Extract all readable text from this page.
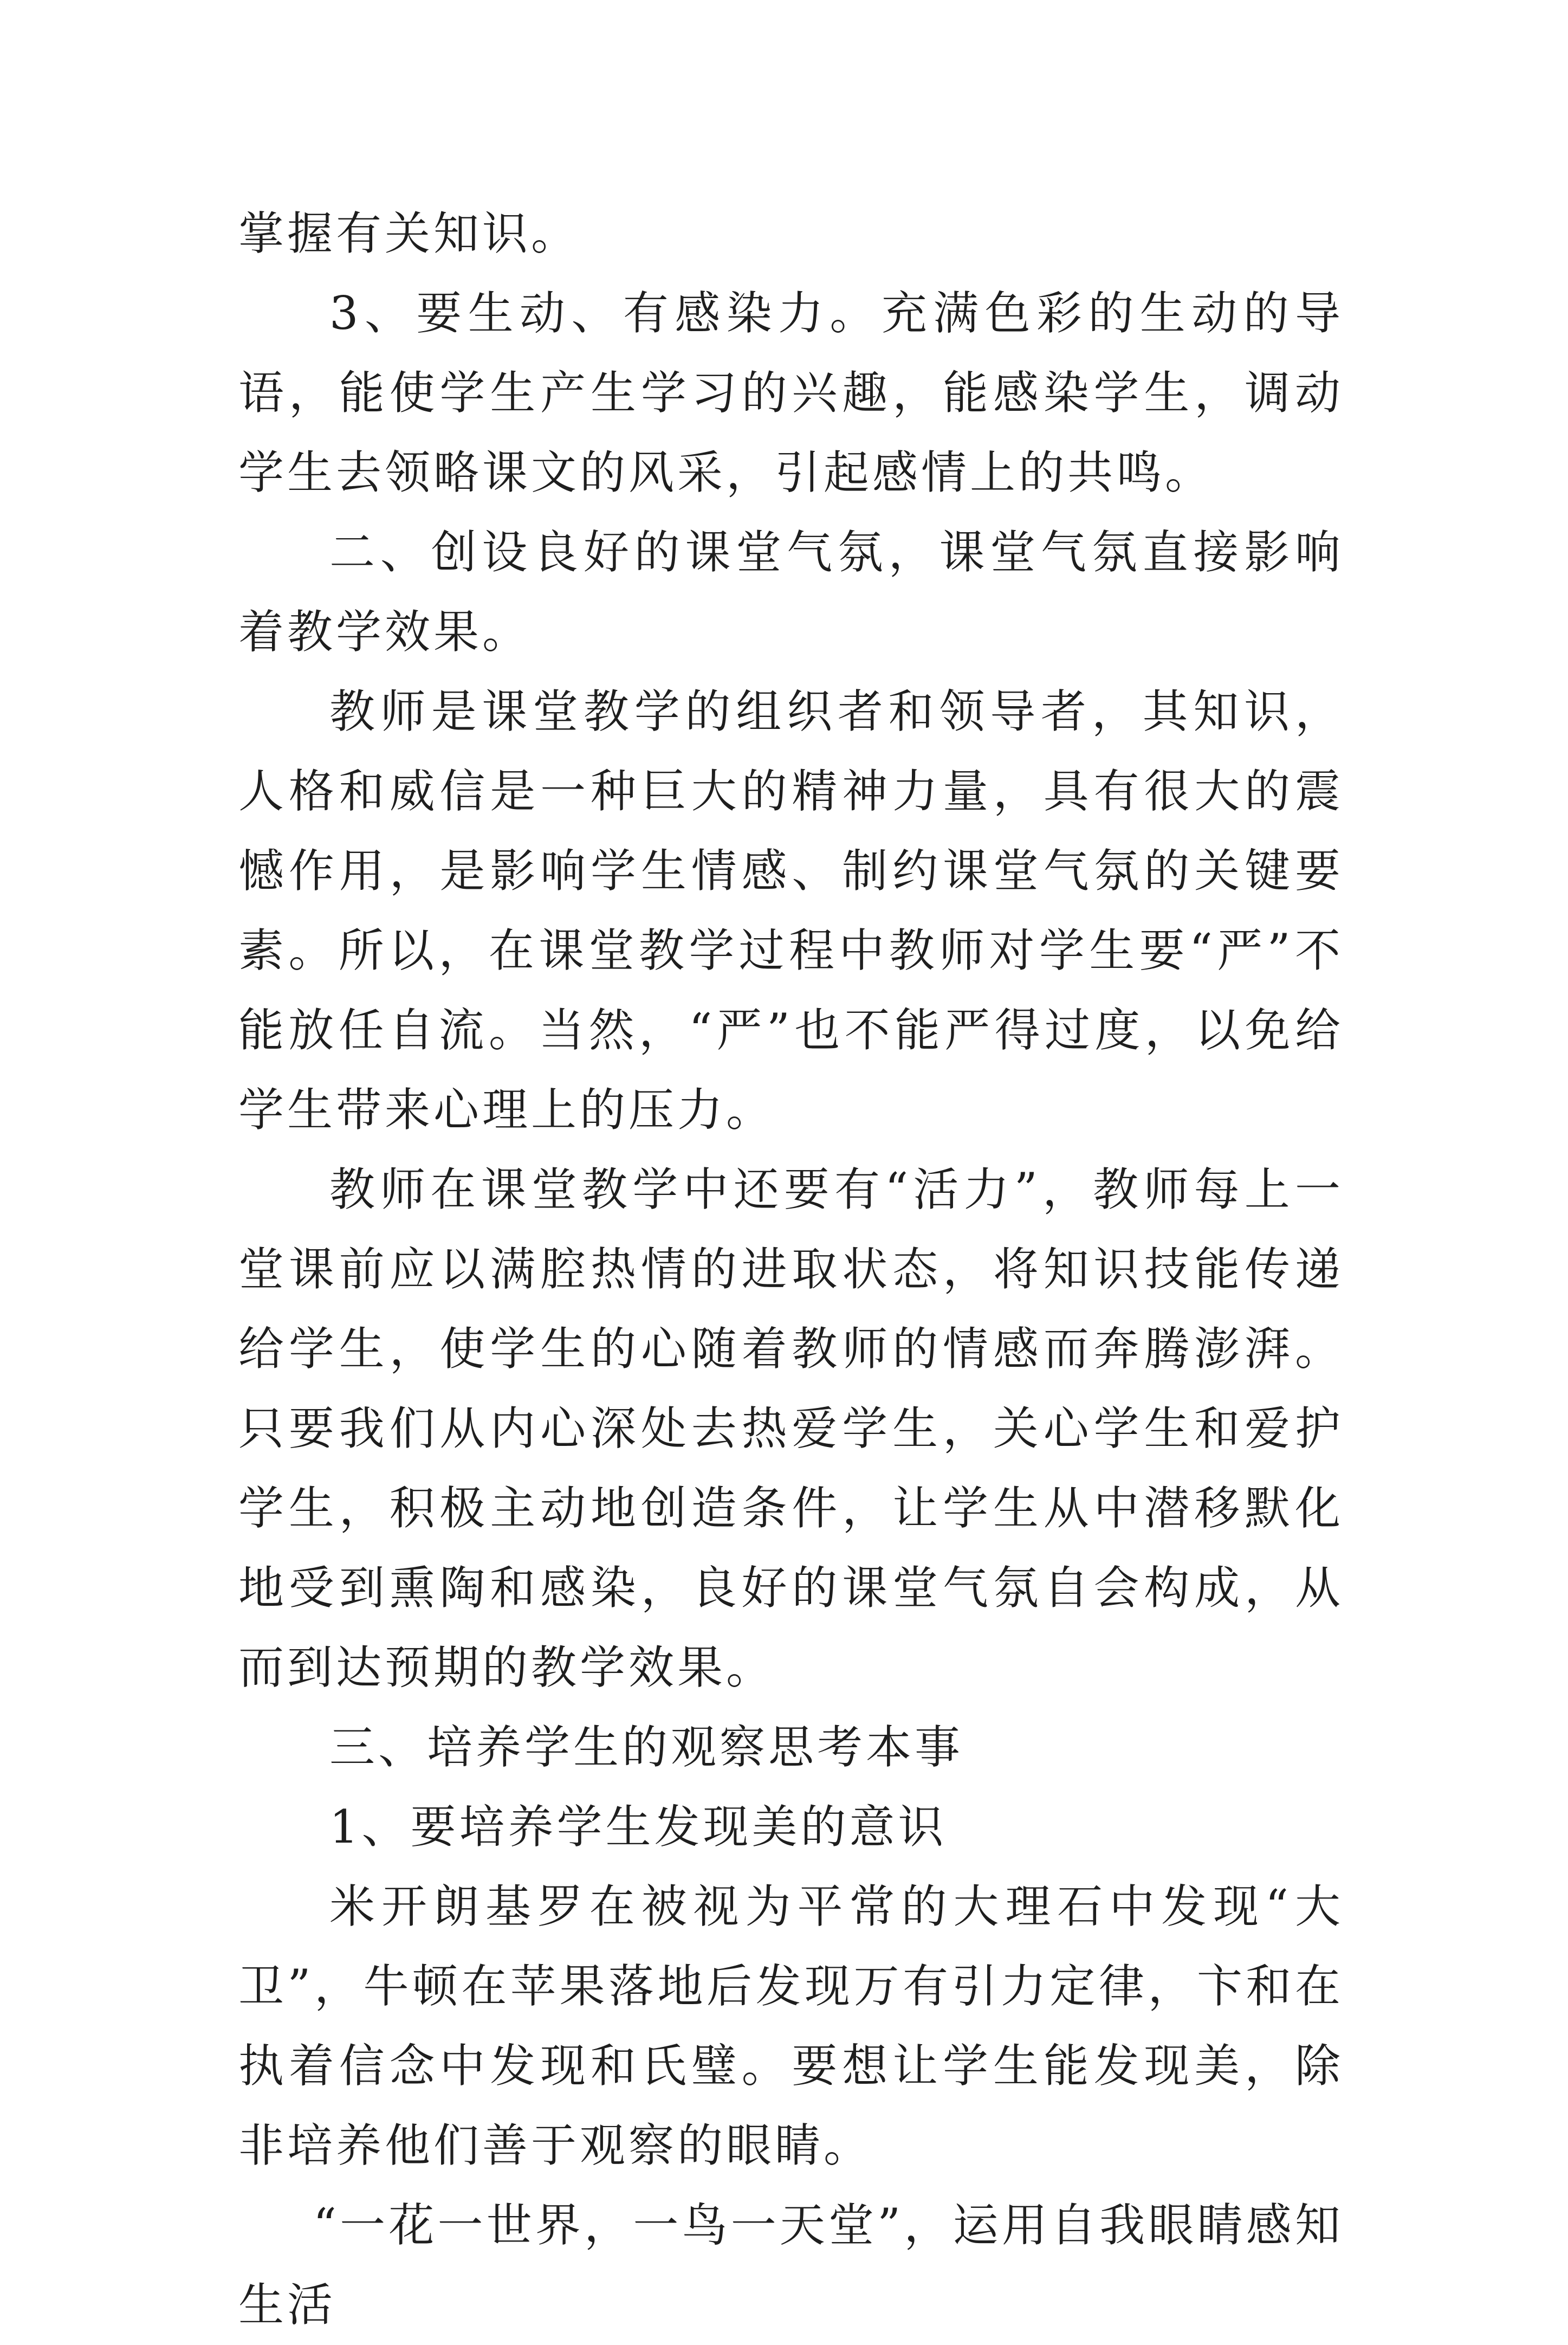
掌握有关知识。

3、要生动、有感染力。充满色彩的生动的导语，能使学生产生学习的兴趣，能感染学生，调动学生去领略课文的风采，引起感情上的共鸣。

二、创设良好的课堂气氛，课堂气氛直接影响着教学效果。

教师是课堂教学的组织者和领导者，其知识，人格和威信是一种巨大的精神力量，具有很大的震憾作用，是影响学生情感、制约课堂气氛的关键要素。所以，在课堂教学过程中教师对学生要“严”不能放任自流。当然，“严”也不能严得过度，以免给学生带来心理上的压力。

教师在课堂教学中还要有“活力”，教师每上一堂课前应以满腔热情的进取状态，将知识技能传递给学生，使学生的心随着教师的情感而奔腾澎湃。只要我们从内心深处去热爱学生，关心学生和爱护学生，积极主动地创造条件，让学生从中潜移默化地受到熏陶和感染，良好的课堂气氛自会构成，从而到达预期的教学效果。

三、培养学生的观察思考本事

1、要培养学生发现美的意识

米开朗基罗在被视为平常的大理石中发现“大卫”，牛顿在苹果落地后发现万有引力定律，卞和在执着信念中发现和氏璧。要想让学生能发现美，除非培养他们善于观察的眼睛。

“一花一世界，一鸟一天堂”，运用自我眼睛感知生活
